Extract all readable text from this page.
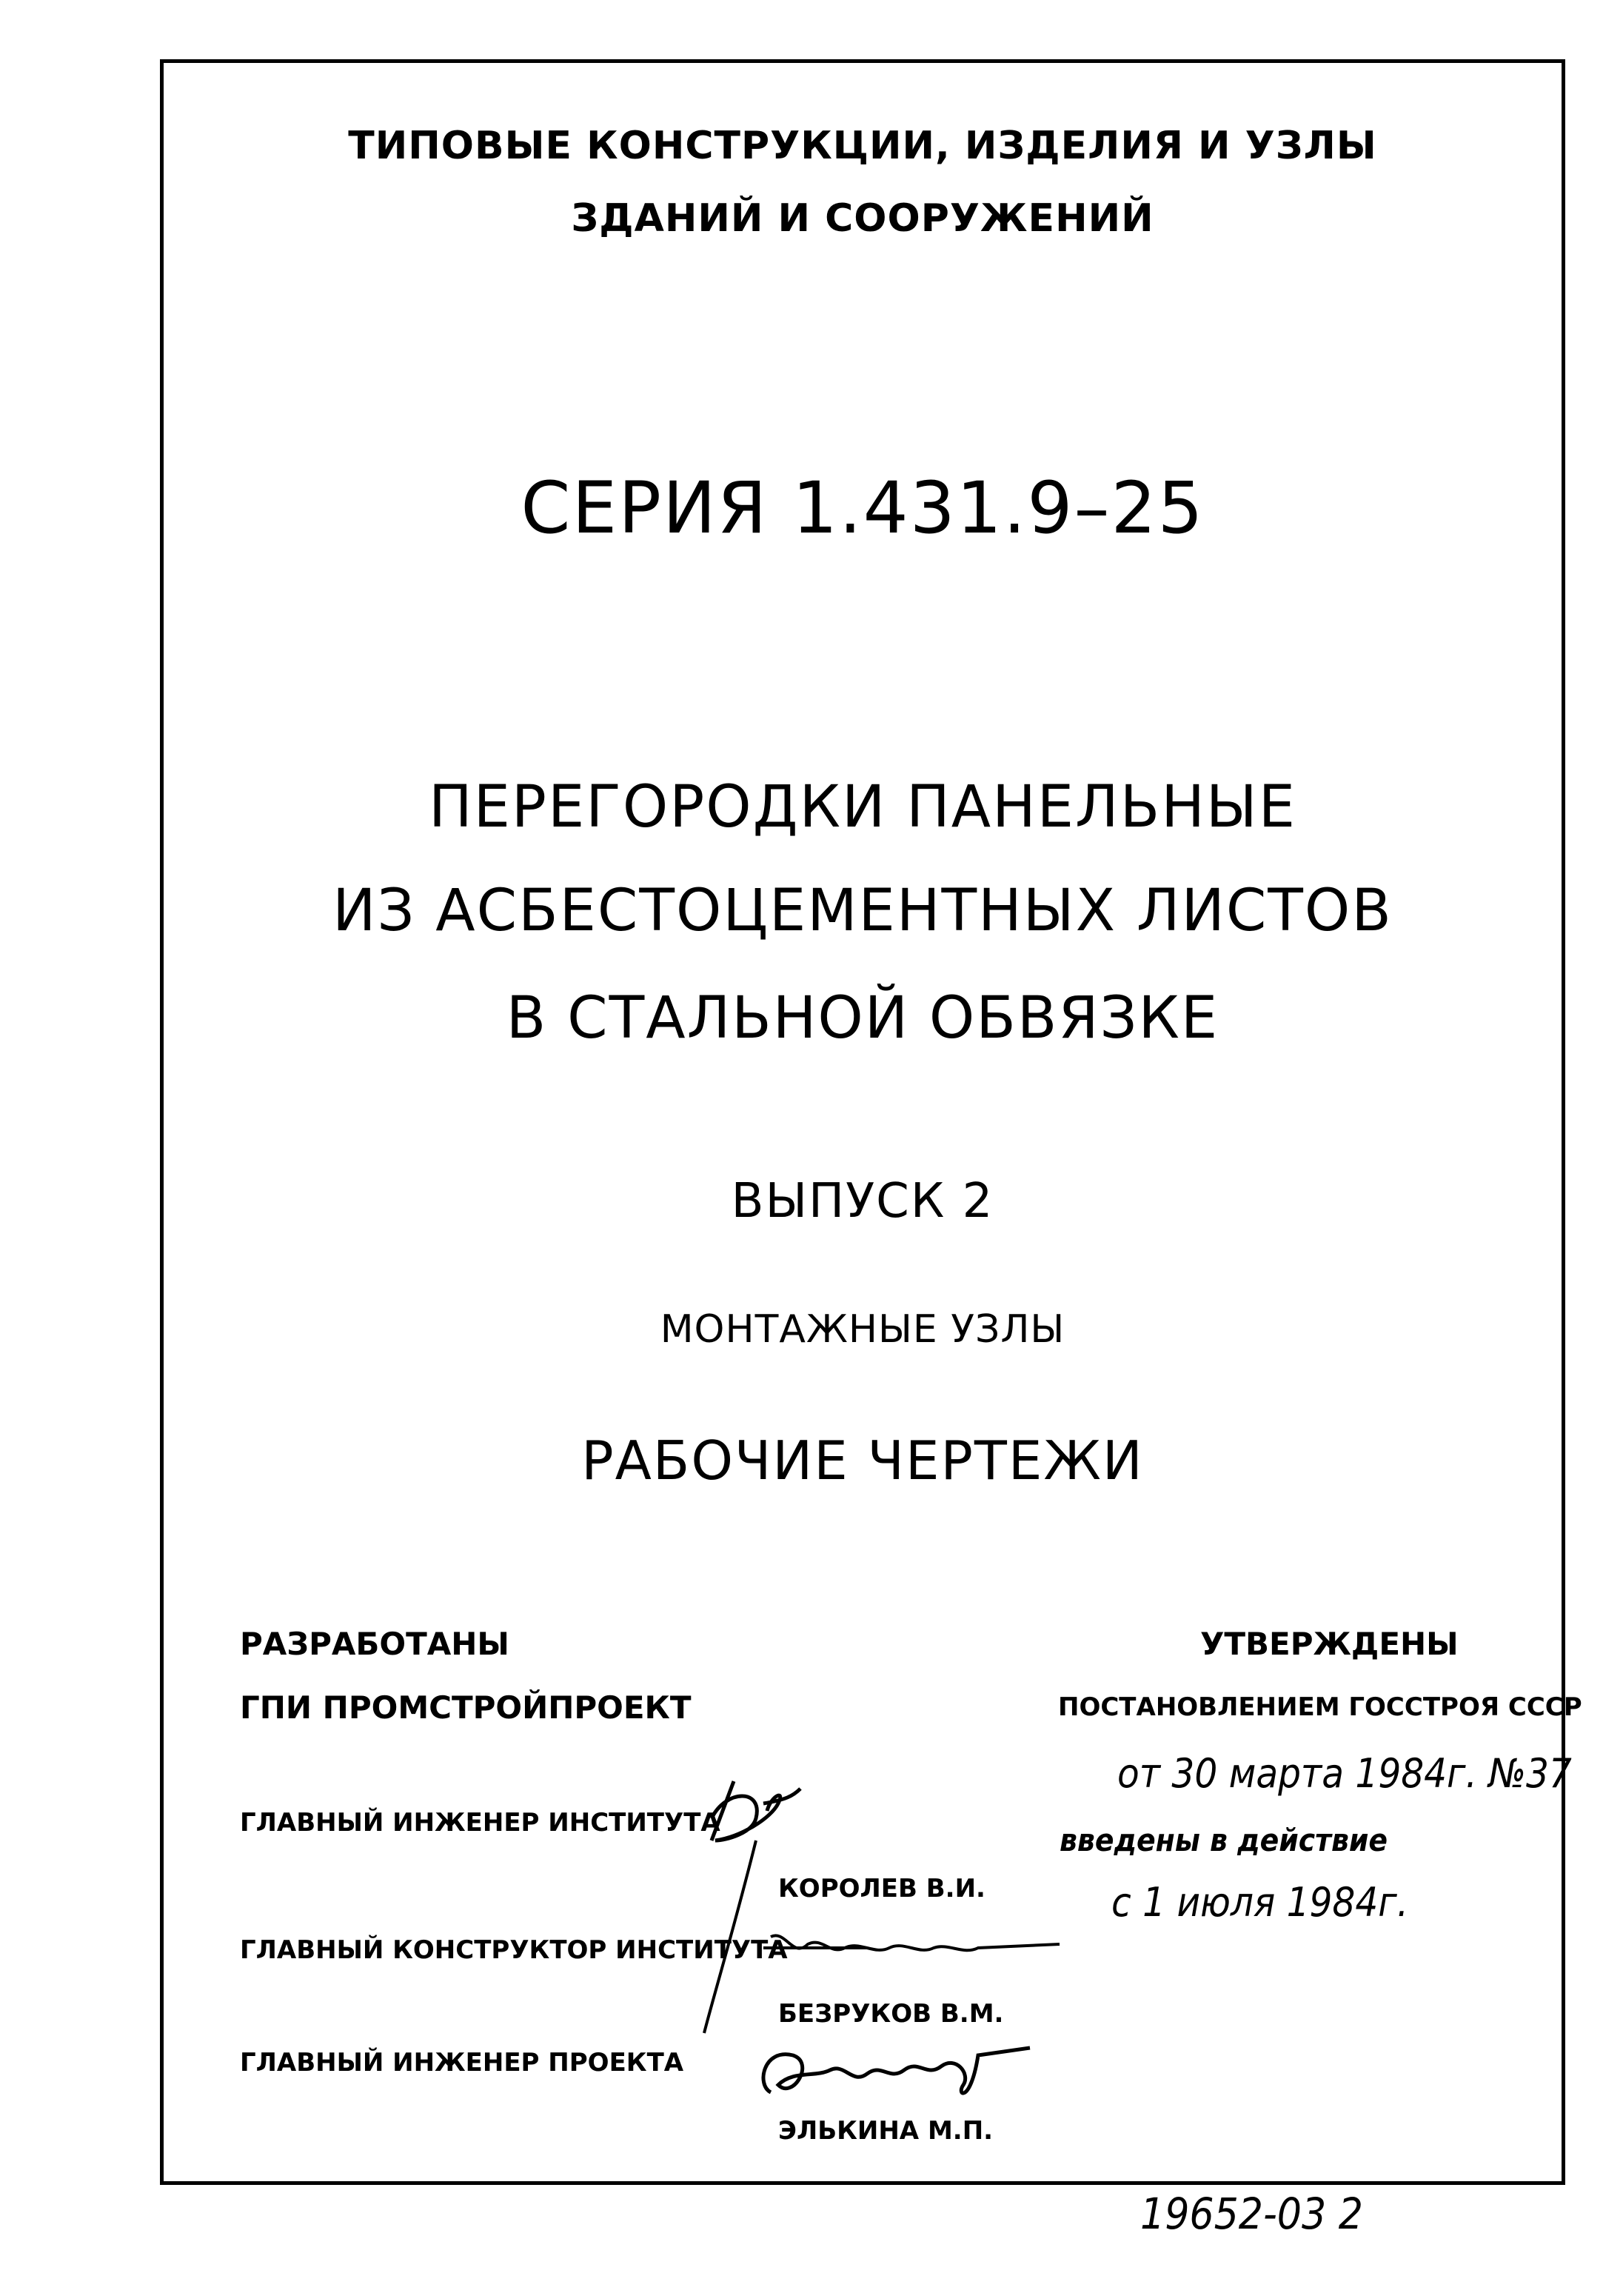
ТИПОВЫЕ КОНСТРУКЦИИ, ИЗДЕЛИЯ И УЗЛЫ
ЗДАНИЙ И СООРУЖЕНИЙ
СЕРИЯ 1.431.9–25
ПЕРЕГОРОДКИ ПАНЕЛЬНЫЕ
ИЗ АСБЕСТОЦЕМЕНТНЫХ ЛИСТОВ
В СТАЛЬНОЙ ОБВЯЗКЕ
ВЫПУСК 2
МОНТАЖНЫЕ УЗЛЫ
РАБОЧИЕ ЧЕРТЕЖИ
РАЗРАБОТАНЫ
ГПИ ПРОМСТРОЙПРОЕКТ
ГЛАВНЫЙ ИНЖЕНЕР ИНСТИТУТА
КОРОЛЕВ В.И.
ГЛАВНЫЙ КОНСТРУКТОР ИНСТИТУТА
БЕЗРУКОВ В.М.
ГЛАВНЫЙ ИНЖЕНЕР ПРОЕКТА
ЭЛЬКИНА М.П.
УТВЕРЖДЕНЫ
ПОСТАНОВЛЕНИЕМ ГОССТРОЯ СССР
от 30 марта 1984г. №37
введены в действие
с 1 июля 1984г.
19652-03 2
